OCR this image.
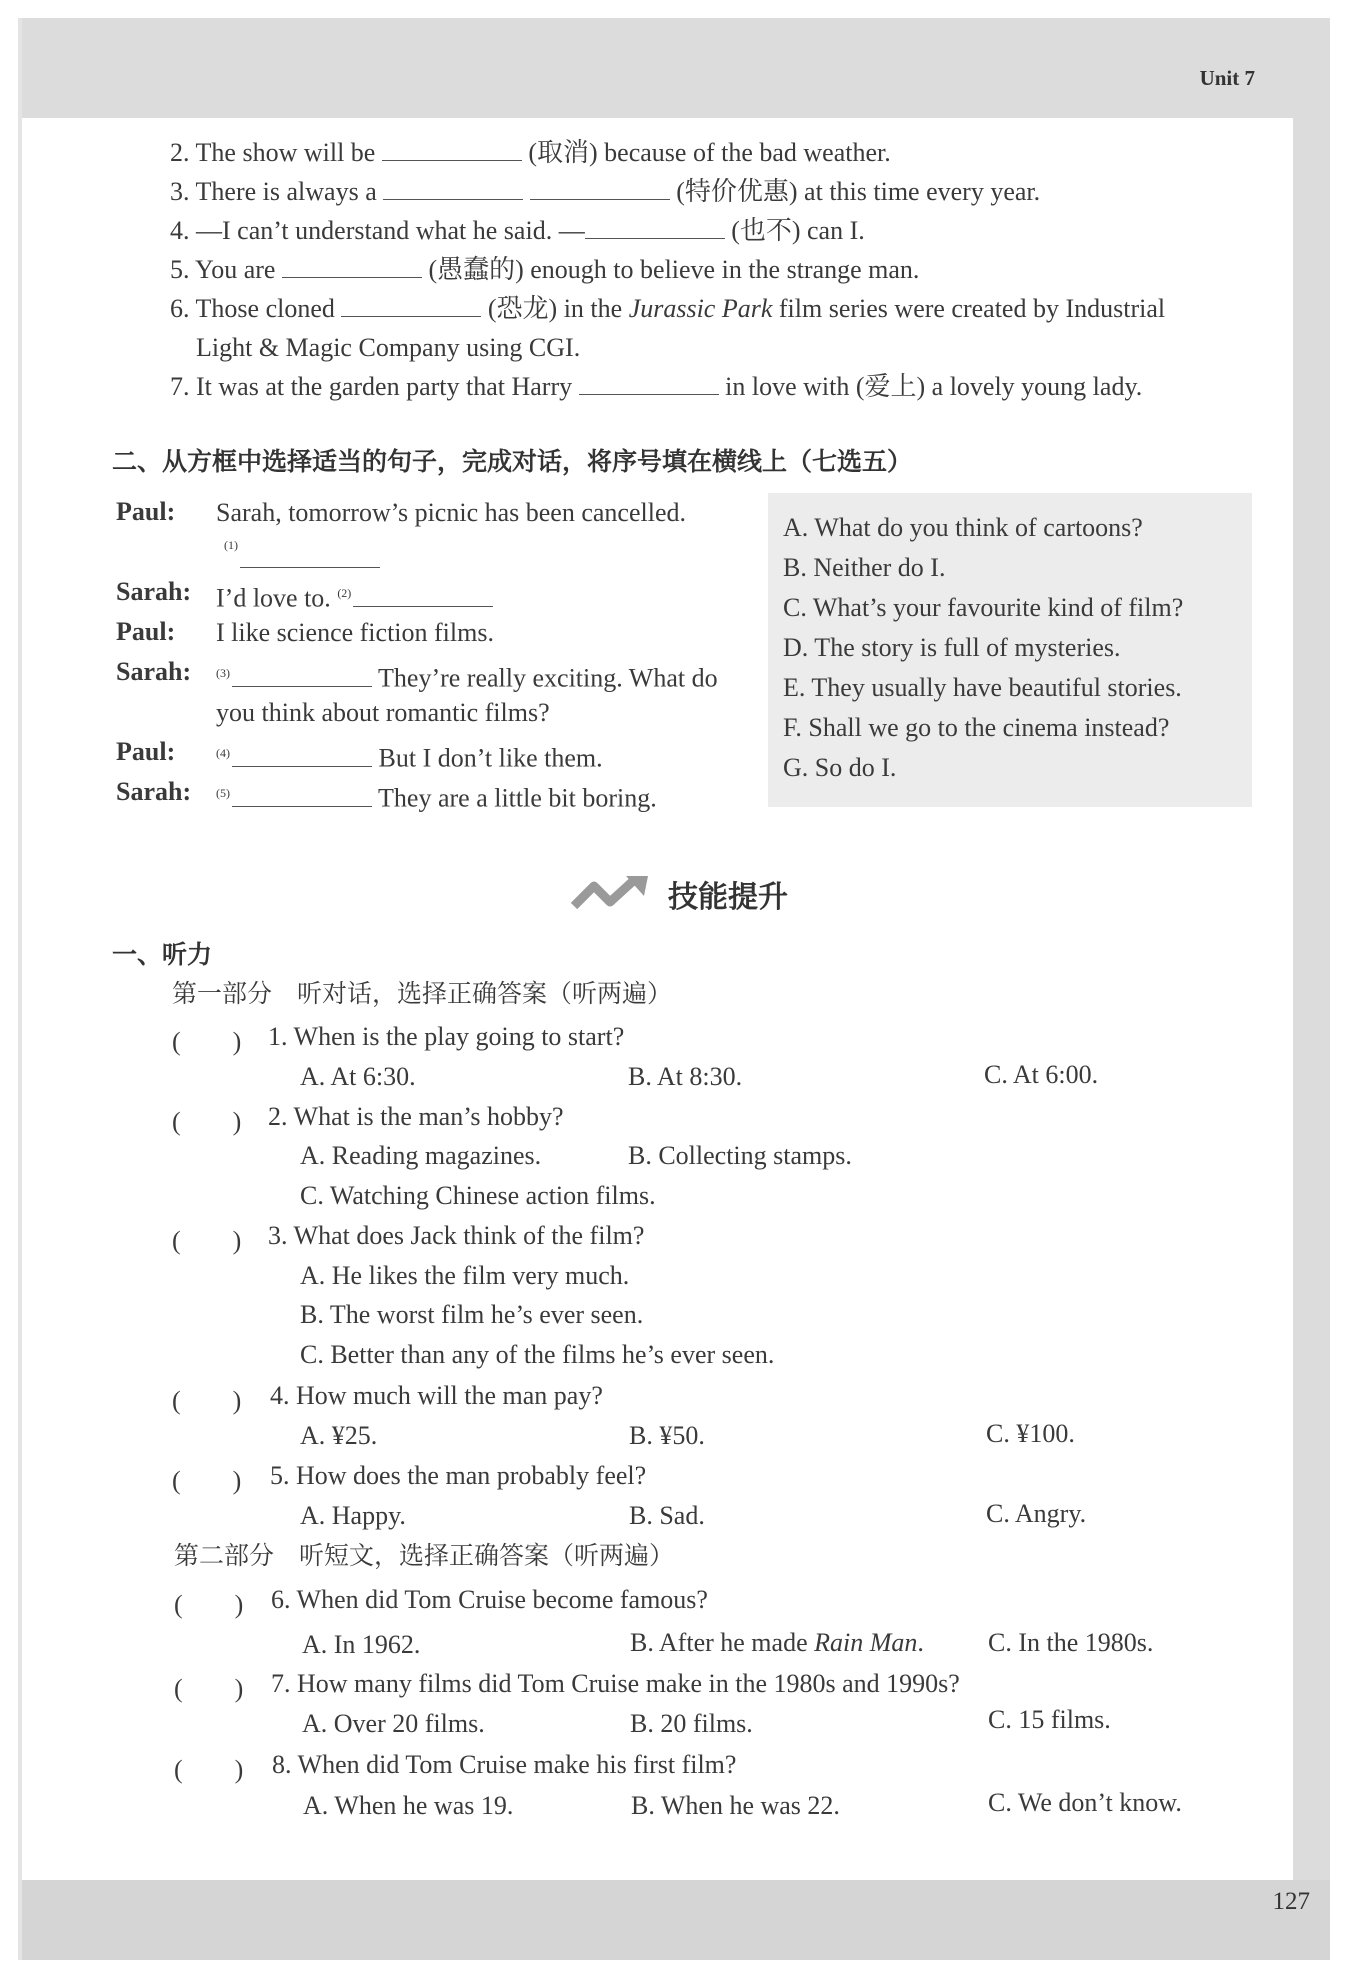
Unit 7
2. The show will be	(取消) because of the bad weather.
3. There is always a	(特价优惠) at this time every year.
4. —I can’t understand what he said. —	(也不) can I.
5. You are	(愚蠢的) enough to believe in the strange man.
6. Those cloned	(恐龙) in the Jurassic Park film series were created by Industrial
Light & Magic Company using CGI.
7. It was at the garden party that Harry	in love with (爱上) a lovely young lady.
二、从方框中选择适当的句子，完成对话，将序号填在横线上（七选五）
Paul: Sarah, tomorrow’s picnic has been cancelled.
(1)
Sarah: I’d love to. $^{(2)}$
Paul: I like science fiction films.
Sarah: $^{(3)}$	They’re really exciting. What do
you think about romantic films?
Paul:	$^{(4)}$	But I don’t like them.
Sarah: $^{(5)}$	They are a little bit boring.
A. What do you think of cartoons?
B. Neither do I.
C. What’s your favourite kind of film?
D. The story is full of mysteries.
E. They usually have beautiful stories.
F. Shall we go to the cinema instead?
G. So do I.
技能提升
一、听力
第一部分　听对话，选择正确答案（听两遍）
(　　) 1. When is the play going to start?
A. At 6:30.	B. At 8:30.	C. At 6:00.
(　　) 2. What is the man’s hobby?
A. Reading magazines.	B. Collecting stamps.
C. Watching Chinese action films.
(　　) 3. What does Jack think of the film?
A. He likes the film very much.
B. The worst film he’s ever seen.
C. Better than any of the films he’s ever seen.
(　　) 4. How much will the man pay?
A. ¥25.	B. ¥50.	C. ¥100.
(　　) 5. How does the man probably feel?
A. Happy.	B. Sad.	C. Angry.
第二部分　听短文，选择正确答案（听两遍）
(　　) 6. When did Tom Cruise become famous?
A. In 1962.	B. After he made Rain Man. C. In the 1980s.
(　　) 7. How many films did Tom Cruise make in the 1980s and 1990s?
A. Over 20 films.	B. 20 films.	C. 15 films.
(　　) 8. When did Tom Cruise make his first film?
A. When he was 19.	B. When he was 22.	C. We don’t know.
127
